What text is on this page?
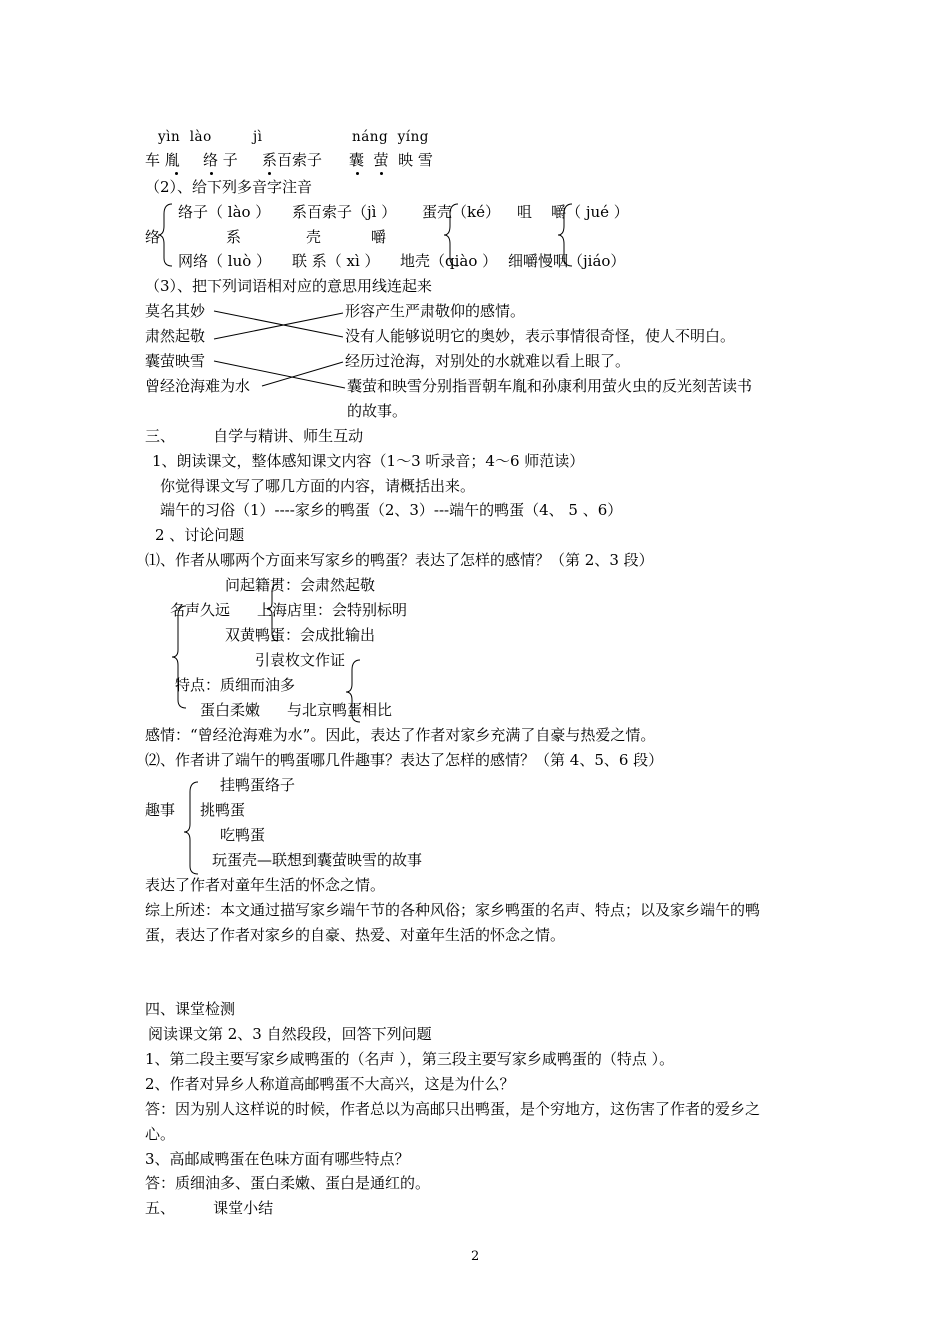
yìn  lào	jì	náng  yíng
车 胤 络 子 系百索子 囊  萤  映 雪
（2）、给下列多音字注音
络子（ lào ） 系百索子（jì ） 蛋壳（ké） 咀    嚼（ jué ）
络	系	壳	嚼
网络（ luò ） 联 系（ xì ） 地壳（qiào ） 细嚼慢咽（jiáo）
（3）、把下列词语相对应的意思用线连起来
莫名其妙
肃然起敬
囊萤映雪
曾经沧海难为水
形容产生严肃敬仰的感情。
没有人能够说明它的奥妙，表示事情很奇怪，使人不明白。
经历过沧海，对别处的水就难以看上眼了。
囊萤和映雪分别指晋朝车胤和孙康利用萤火虫的反光刻苦读书
的故事。
三、        自学与精讲、师生互动
1、朗读课文，整体感知课文内容（1～3 听录音；4～6 师范读）
你觉得课文写了哪几方面的内容，请概括出来。
端午的习俗（1）----家乡的鸭蛋（2、3）---端午的鸭蛋（4、 5 、6）
2 、讨论问题
⑴、作者从哪两个方面来写家乡的鸭蛋？表达了怎样的感情？（第 2、3 段）
问起籍贯：会肃然起敬
名声久远 上海店里：会特别标明
双黄鸭蛋：会成批输出
引袁枚文作证
特点：质细而油多
蛋白柔嫩 与北京鸭蛋相比
感情：“曾经沧海难为水”。因此，表达了作者对家乡充满了自豪与热爱之情。
⑵、作者讲了端午的鸭蛋哪几件趣事？表达了怎样的感情？（第 4、5、6 段）
挂鸭蛋络子
趣事 挑鸭蛋
吃鸭蛋
玩蛋壳—联想到囊萤映雪的故事
表达了作者对童年生活的怀念之情。
综上所述：本文通过描写家乡端午节的各种风俗；家乡鸭蛋的名声、特点；以及家乡端午的鸭
蛋，表达了作者对家乡的自豪、热爱、对童年生活的怀念之情。
四、课堂检测
阅读课文第 2、3 自然段段，回答下列问题
1、第二段主要写家乡咸鸭蛋的（名声 ），第三段主要写家乡咸鸭蛋的（特点 ）。
2、作者对异乡人称道高邮鸭蛋不大高兴，这是为什么？
答：因为别人这样说的时候，作者总以为高邮只出鸭蛋，是个穷地方，这伤害了作者的爱乡之
心。
3、高邮咸鸭蛋在色味方面有哪些特点？
答：质细油多、蛋白柔嫩、蛋白是通红的。
五、        课堂小结
2
